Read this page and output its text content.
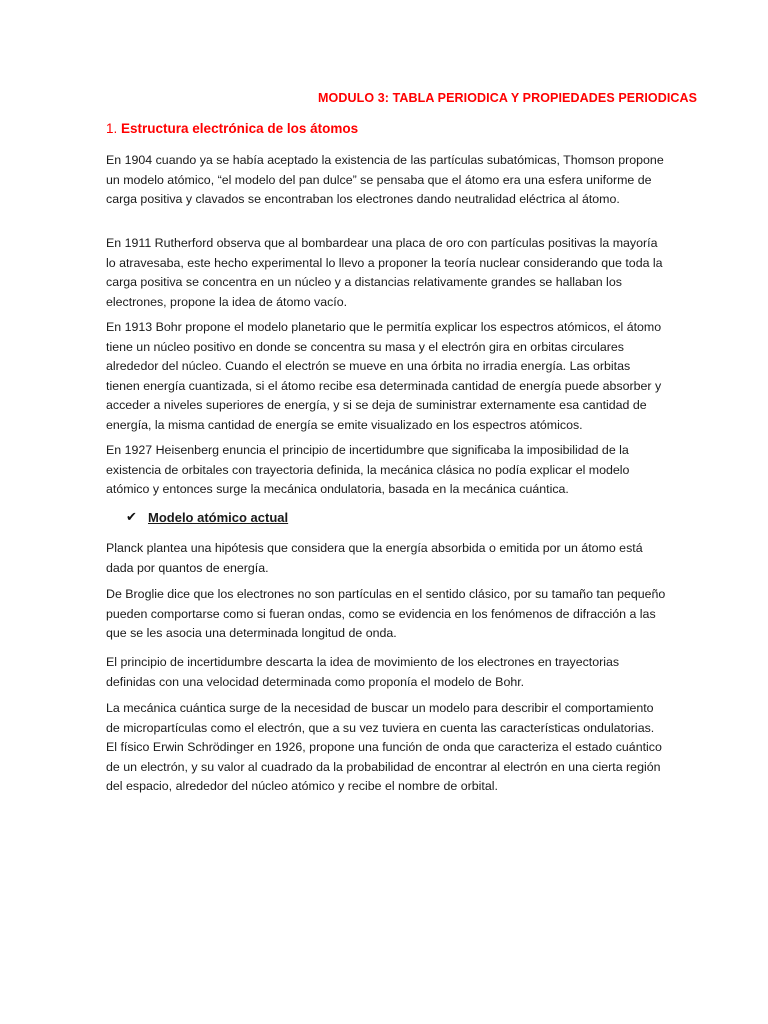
MODULO 3: TABLA PERIODICA Y PROPIEDADES PERIODICAS
1. Estructura electrónica de los átomos

En 1904 cuando ya se había aceptado la existencia de las partículas subatómicas, Thomson propone un modelo atómico, “el modelo del pan dulce” se pensaba que el átomo era una esfera uniforme de carga positiva y clavados se encontraban los electrones dando neutralidad eléctrica al átomo.

En 1911 Rutherford observa que al bombardear una placa de oro con partículas positivas la mayoría lo atravesaba, este hecho experimental lo llevo a proponer la teoría nuclear considerando que toda la carga positiva se concentra en un núcleo y a distancias relativamente grandes se hallaban los electrones, propone la idea de átomo vacío.

En 1913 Bohr propone el modelo planetario que le permitía explicar los espectros atómicos, el átomo tiene un núcleo positivo en donde se concentra su masa y el electrón gira en orbitas circulares alrededor del núcleo. Cuando el electrón se mueve en una órbita no irradia energía. Las orbitas tienen energía cuantizada, si el átomo recibe esa determinada cantidad de energía puede absorber y acceder a niveles superiores de energía, y si se deja de suministrar externamente esa cantidad de energía, la misma cantidad de energía se emite visualizado en los espectros atómicos.

En 1927 Heisenberg enuncia el principio de incertidumbre que significaba la imposibilidad de la existencia de orbitales con trayectoria definida, la mecánica clásica no podía explicar el modelo atómico y entonces surge la mecánica ondulatoria, basada en la mecánica cuántica.

✔ Modelo atómico actual

Planck plantea una hipótesis que considera que la energía absorbida o emitida por un átomo está dada por quantos de energía.

De Broglie dice que los electrones no son partículas en el sentido clásico, por su tamaño tan pequeño pueden comportarse como si fueran ondas, como se evidencia en los fenómenos de difracción a las que se les asocia una determinada longitud de onda.

El principio de incertidumbre descarta la idea de movimiento de los electrones en trayectorias definidas con una velocidad determinada como proponía el modelo de Bohr.

La mecánica cuántica surge de la necesidad de buscar un modelo para describir el comportamiento de micropartículas como el electrón, que a su vez tuviera en cuenta las características ondulatorias. El físico Erwin Schrödinger en 1926, propone una función de onda que caracteriza el estado cuántico de un electrón, y su valor al cuadrado da la probabilidad de encontrar al electrón en una cierta región del espacio, alrededor del núcleo atómico y recibe el nombre de orbital.
